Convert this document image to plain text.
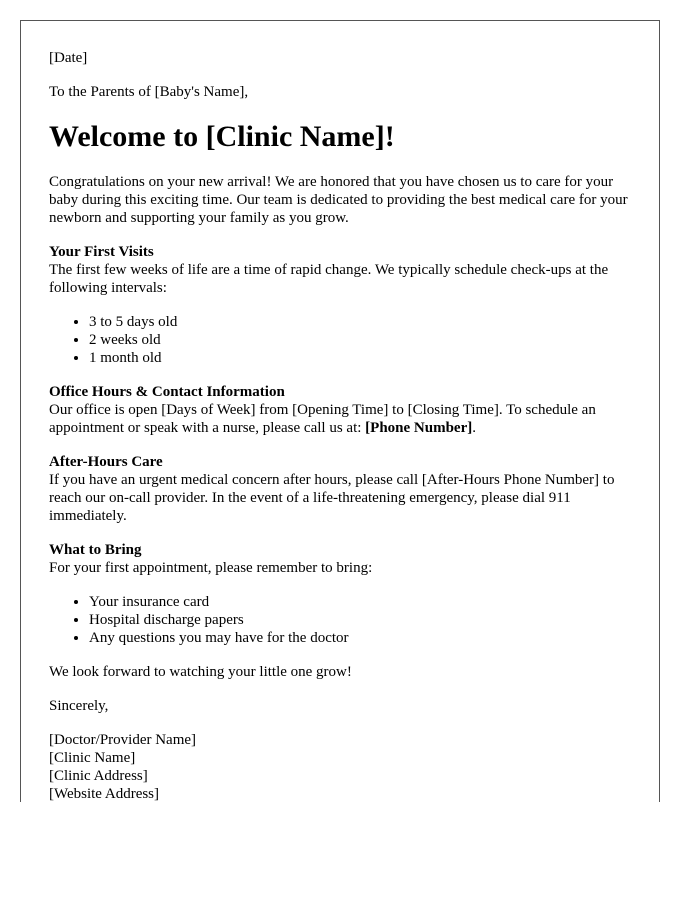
[Date]

To the Parents of [Baby's Name],

Welcome to [Clinic Name]!

Congratulations on your new arrival! We are honored that you have chosen us to care for your baby during this exciting time. Our team is dedicated to providing the best medical care for your newborn and supporting your family as you grow.

Your First Visits

The first few weeks of life are a time of rapid change. We typically schedule check-ups at the following intervals:

• 3 to 5 days old
• 2 weeks old
• 1 month old
Office Hours & Contact Information

Our office is open [Days of Week] from [Opening Time] to [Closing Time]. To schedule an appointment or speak with a nurse, please call us at: [Phone Number].

After-Hours Care

If you have an urgent medical concern after hours, please call [After-Hours Phone Number] to reach our on-call provider. In the event of a life-threatening emergency, please dial 911 immediately.

What to Bring

For your first appointment, please remember to bring:

• Your insurance card
• Hospital discharge papers
• Any questions you may have for the doctor

We look forward to watching your little one grow!

Sincerely,

[Doctor/Provider Name]
[Clinic Name]
[Clinic Address]
[Website Address]
